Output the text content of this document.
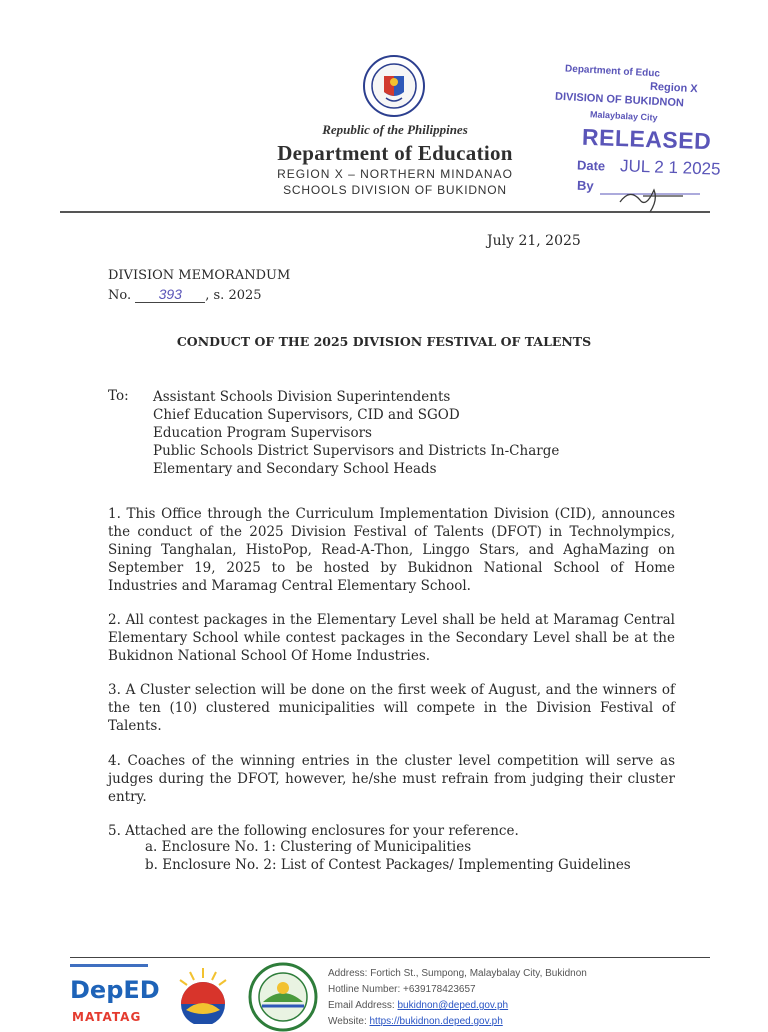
Republic of the Philippines
Department of Education
REGION X – NORTHERN MINDANAO
SCHOOLS DIVISION OF BUKIDNON
Department of Educ
Region X
DIVISION OF BUKIDNON
Malaybalay City
RELEASED
Date JUL 2 1 2025
By
July 21, 2025
DIVISION MEMORANDUM
No. 393 , s. 2025
CONDUCT OF THE 2025 DIVISION FESTIVAL OF TALENTS
To: Assistant Schools Division Superintendents
Chief Education Supervisors, CID and SGOD
Education Program Supervisors
Public Schools District Supervisors and Districts In-Charge
Elementary and Secondary School Heads
1. This Office through the Curriculum Implementation Division (CID), announces the conduct of the 2025 Division Festival of Talents (DFOT) in Technolympics, Sining Tanghalan, HistoPop, Read-A-Thon, Linggo Stars, and AghaMazing on September 19, 2025 to be hosted by Bukidnon National School of Home Industries and Maramag Central Elementary School.
2. All contest packages in the Elementary Level shall be held at Maramag Central Elementary School while contest packages in the Secondary Level shall be at the Bukidnon National School Of Home Industries.
3. A Cluster selection will be done on the first week of August, and the winners of the ten (10) clustered municipalities will compete in the Division Festival of Talents.
4. Coaches of the winning entries in the cluster level competition will serve as judges during the DFOT, however, he/she must refrain from judging their cluster entry.
5. Attached are the following enclosures for your reference.
a. Enclosure No. 1: Clustering of Municipalities
b. Enclosure No. 2: List of Contest Packages/ Implementing Guidelines
DepED
MATATAG
Address: Fortich St., Sumpong, Malaybalay City, Bukidnon
Hotline Number: +639178423657
Email Address: bukidnon@deped.gov.ph
Website: https://bukidnon.deped.gov.ph
